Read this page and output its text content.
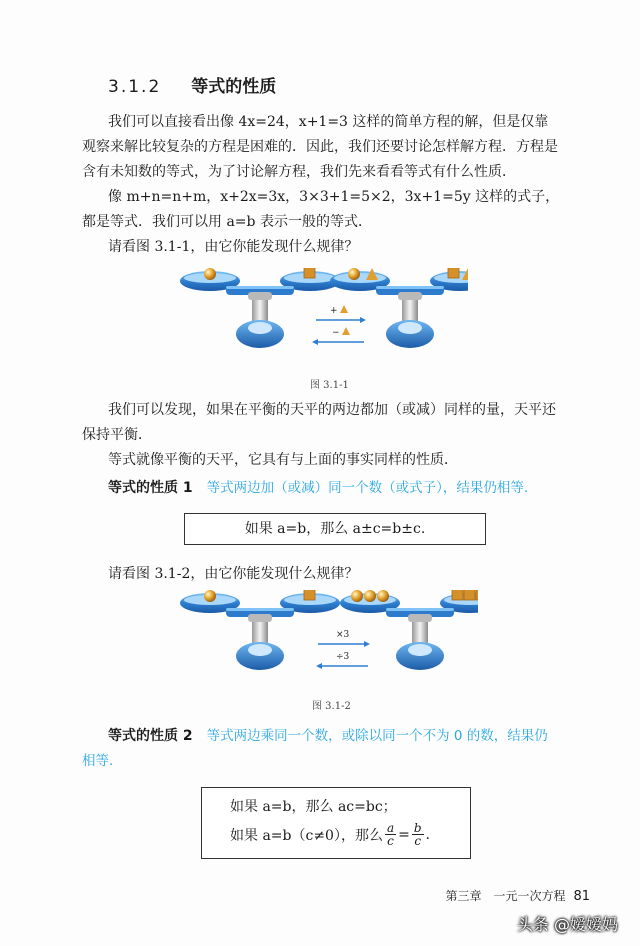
3.1.2 等式的性质

我们可以直接看出像 4x=24，x+1=3 这样的简单方程的解，但是仅靠

观察来解比较复杂的方程是困难的．因此，我们还要讨论怎样解方程．方程是

含有未知数的等式，为了讨论解方程，我们先来看看等式有什么性质．

像 m+n=n+m，x+2x=3x，3×3+1=5×2，3x+1=5y 这样的式子，

都是等式．我们可以用 a=b 表示一般的等式．

请看图 3.1-1，由它你能发现什么规律？

+
−
图 3.1-1

我们可以发现，如果在平衡的天平的两边都加（或减）同样的量，天平还

保持平衡．

等式就像平衡的天平，它具有与上面的事实同样的性质．

等式的性质 1 等式两边加（或减）同一个数（或式子），结果仍相等.
如果 a=b，那么 a±c=b±c.

请看图 3.1-2，由它你能发现什么规律？

×3
÷3
图 3.1-2
等式的性质 2 等式两边乘同一个数，或除以同一个不为 0 的数，结果仍
相等.
如果 a=b，那么 ac=bc；
如果 a=b（c≠0），那么 $\frac{a}{c} = \frac{b}{c}$ .
第三章　一元一次方程 81
头条 @嫒嫒妈
